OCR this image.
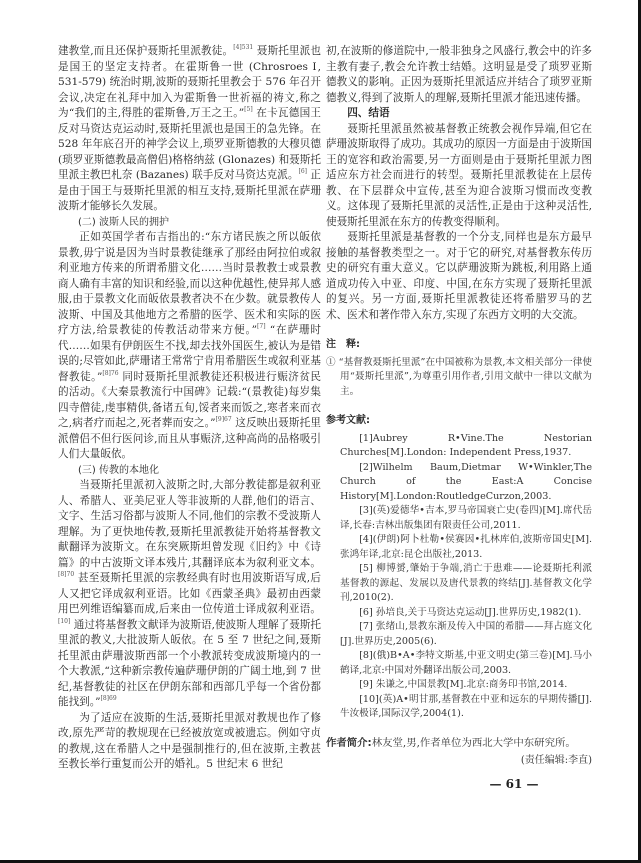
建教堂,而且还保护聂斯托里派教徒。$^{[4]531}$ 聂斯托里派也是国王的坚定支持者。在霍斯鲁一世 (Chrosroes Ⅰ, 531-579) 统治时期,波斯的聂斯托里教会于 576 年召开会议,决定在礼拜中加入为霍斯鲁一世祈福的祷文,称之为“我们的主,得胜的霍斯鲁,万王之王。”[5] 在卡瓦德国王反对马资达克运动时,聂斯托里派也是国王的急先锋。在 528 年年底召开的神学会议上,琐罗亚斯德教的大穆贝德(琐罗亚斯德教最高僧侣)格格纳兹 (Glonazes) 和聂斯托里派主教巴札奈 (Bazanes) 联手反对马资达克派。[6] 正是由于国王与聂斯托里派的相互支持,聂斯托里派在萨珊波斯才能够长久发展。

(二) 波斯人民的拥护

正如英国学者布吉指出的:“东方诸民族之所以皈依景教,毋宁说是因为当时景教徒继承了那经由阿拉伯或叙利亚地方传来的所谓希腊文化……当时景教教士或景教商人确有丰富的知识和经验,而以这种优越性,使异邦人感服,由于景教文化而皈依景教者决不在少数。就景教传人波斯、中国及其他地方之希腊的医学、医术和实际的医疗方法,给景教徒的传教活动带来方便。”[7] “在萨珊时代……如果有伊朗医生不找,却去找外国医生,被认为是错误的;尽管如此,萨珊诸王常常宁肯用希腊医生或叙利亚基督教徒。”$^{[8]76}$ 同时聂斯托里派教徒还积极进行赈济贫民的活动。《大秦景教流行中国碑》记载:“(景教徒)每岁集四寺僧徒,虔事精供,备诸五旬,馁者来而饭之,寒者来而衣之,病者疗而起之,死者葬而安之。”$^{[9]67}$ 这反映出聂斯托里派僧侣不但行医问诊,而且从事赈济,这种高尚的品格吸引人们大量皈依。

(三) 传教的本地化

当聂斯托里派初入波斯之时,大部分教徒都是叙利亚人、希腊人、亚美尼亚人等非波斯的人群,他们的语言、文字、生活习俗都与波斯人不同,他们的宗教不受波斯人理解。为了更快地传教,聂斯托里派教徒开始将基督教文献翻译为波斯文。在东突厥斯坦曾发现《旧约》中《诗篇》的中古波斯文译本残片,其翻译底本为叙利亚文本。$^{[8]70}$ 甚至聂斯托里派的宗教经典有时也用波斯语写成,后人又把它译成叙利亚语。比如《西蒙圣典》最初由西蒙用巴列维语编纂而成,后来由一位传道士译成叙利亚语。[10] 通过将基督教文献译为波斯语,使波斯人理解了聂斯托里派的教义,大批波斯人皈依。在 5 至 7 世纪之间,聂斯托里派由萨珊波斯西部一个小教派转变成波斯境内的一个大教派,“这种新宗教传遍萨珊伊朗的广阔土地,到 7 世纪,基督教徒的社区在伊朗东部和西部几乎每一个省份都能找到。”$^{[8]69}$

为了适应在波斯的生活,聂斯托里派对教规也作了修改,原先严苛的教规现在已经被放宽或被遗忘。例如守贞的教规,这在希腊人之中是强制推行的,但在波斯,主教甚至教长举行重复而公开的婚礼。5 世纪末 6 世纪

初,在波斯的修道院中,一般非独身之风盛行,教会中的许多主教有妻子,教会允许教士结婚。这明显是受了琐罗亚斯德教义的影响。正因为聂斯托里派适应并结合了琐罗亚斯德教义,得到了波斯人的理解,聂斯托里派才能迅速传播。

四、结语

聂斯托里派虽然被基督教正统教会视作异端,但它在萨珊波斯取得了成功。其成功的原因一方面是由于波斯国王的宽容和政治需要,另一方面则是由于聂斯托里派力图适应东方社会而进行的转型。聂斯托里派教徒在上层传教、在下层群众中宣传,甚至为迎合波斯习惯而改变教义。这体现了聂斯托里派的灵活性,正是由于这种灵活性,使聂斯托里派在东方的传教变得顺利。

聂斯托里派是基督教的一个分支,同样也是东方最早接触的基督教类型之一。对于它的研究,对基督教东传历史的研究有重大意义。它以萨珊波斯为跳板,利用路上通道成功传入中亚、印度、中国,在东方实现了聂斯托里派的复兴。另一方面,聂斯托里派教徒还将希腊罗马的艺术、医术和著作带入东方,实现了东西方文明的大交流。

注　释:
① “基督教聂斯托里派”在中国被称为景教,本文相关部分一律使用“聂斯托里派”,为尊重引用作者,引用文献中一律以文献为主。
参考文献:

[1]Aubrey R•Vine.The Nestorian Churches[M].London: Independent Press,1937.

[2]Wilhelm Baum,Dietmar W•Winkler,The Church of the East:A Concise History[M].London:RoutledgeCurzon,2003.

[3](英)爱德华•吉本,罗马帝国衰亡史(卷四)[M].席代岳译,长春:吉林出版集团有限责任公司,2011.

[4](伊朗)阿卜杜勒•侯赛因•扎林库伯,波斯帝国史[M].张鸿年译,北京:昆仑出版社,2013.

[5] 柳博赟,肇始于争端,消亡于患难——论聂斯托利派基督教的源起、发展以及唐代景教的终结[J].基督教文化学刊,2010(2).

[6] 孙培良,关于马资达克运动[J].世界历史,1982(1).

[7] 张绪山,景教东渐及传入中国的希腊——拜占庭文化[J].世界历史,2005(6).

[8](俄)B•A•李特文斯基,中亚文明史(第三卷)[M].马小鹤译,北京:中国对外翻译出版公司,2003.

[9] 朱谦之,中国景教[M].北京:商务印书馆,2014.

[10](英)A•明甘那,基督教在中亚和远东的早期传播[J].牛汝极译,国际汉学,2004(1).

作者简介:林友堂,男,作者单位为西北大学中东研究所。
(责任编辑:李直)
— 61 —
